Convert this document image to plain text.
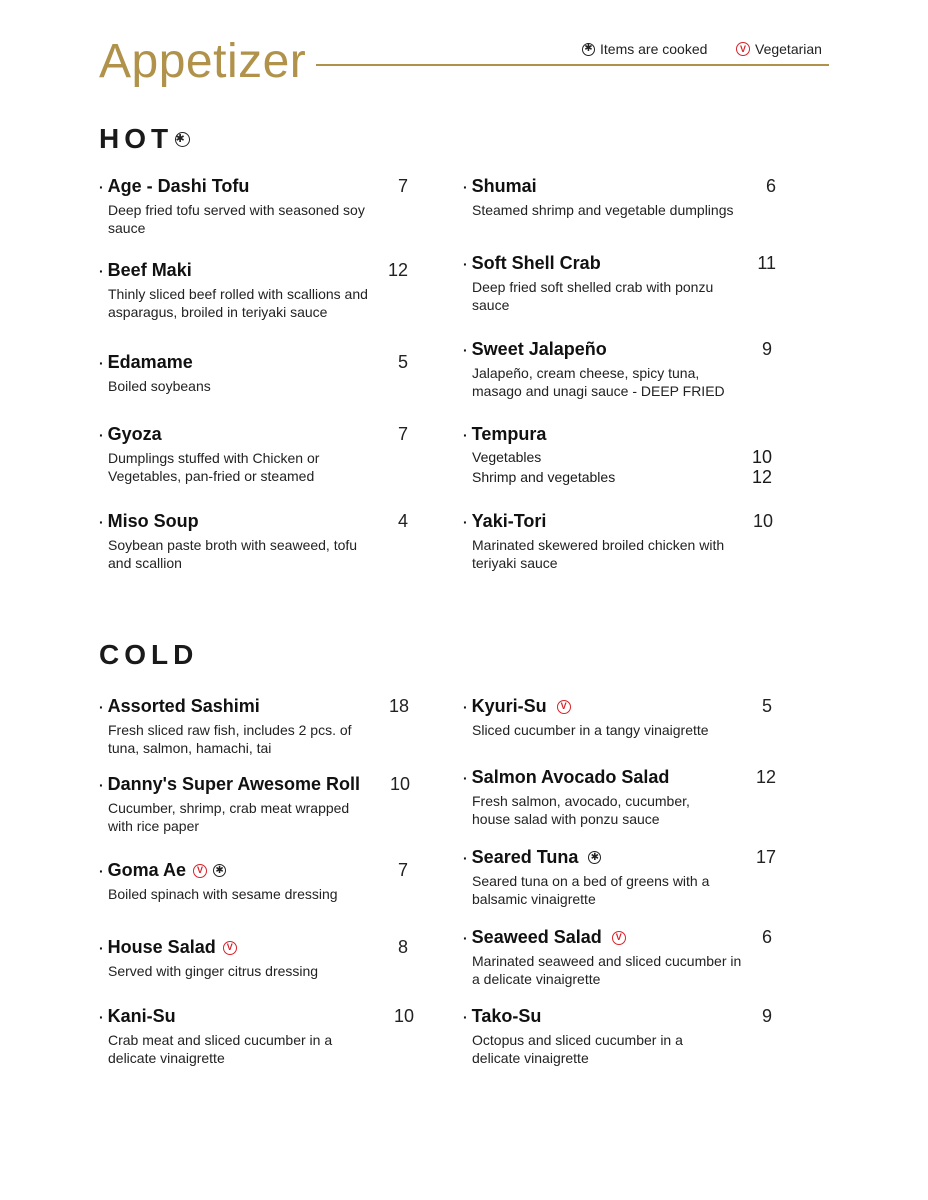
Appetizer	✱ Items are cooked	V Vegetarian
HOT ✱
· Age - Dashi Tofu
Deep fried tofu served with seasoned soy sauce
7
· Beef Maki
Thinly sliced beef rolled with scallions and asparagus, broiled in teriyaki sauce
12
· Edamame
Boiled soybeans
5
· Gyoza
Dumplings stuffed with Chicken or Vegetables, pan-fried or steamed
7
· Miso Soup
Soybean paste broth with seaweed, tofu and scallion
4
· Shumai
Steamed shrimp and vegetable dumplings
6
· Soft Shell Crab
Deep fried soft shelled crab with ponzu sauce
11
· Sweet Jalapeño
Jalapeño, cream cheese, spicy tuna, masago and unagi sauce - DEEP FRIED
9
· Tempura
Vegetables	10
Shrimp and vegetables	12
· Yaki-Tori
Marinated skewered broiled chicken with teriyaki sauce
10
COLD
· Assorted Sashimi
Fresh sliced raw fish, includes 2 pcs. of tuna, salmon, hamachi, tai
18
· Danny's Super Awesome Roll
Cucumber, shrimp, crab meat wrapped with rice paper
10
· Goma Ae	V	✱
Boiled spinach with sesame dressing
7
· House Salad	V
Served with ginger citrus dressing
8
· Kani-Su
Crab meat and sliced cucumber in a delicate vinaigrette
10
· Kyuri-Su	V
Sliced cucumber in a tangy vinaigrette
5
· Salmon Avocado Salad
Fresh salmon, avocado, cucumber, house salad with ponzu sauce
12
· Seared Tuna ✱
Seared tuna on a bed of greens with a balsamic vinaigrette
17
· Seaweed Salad	V
Marinated seaweed and sliced cucumber in a delicate vinaigrette
6
· Tako-Su
Octopus and sliced cucumber in a delicate vinaigrette
9
